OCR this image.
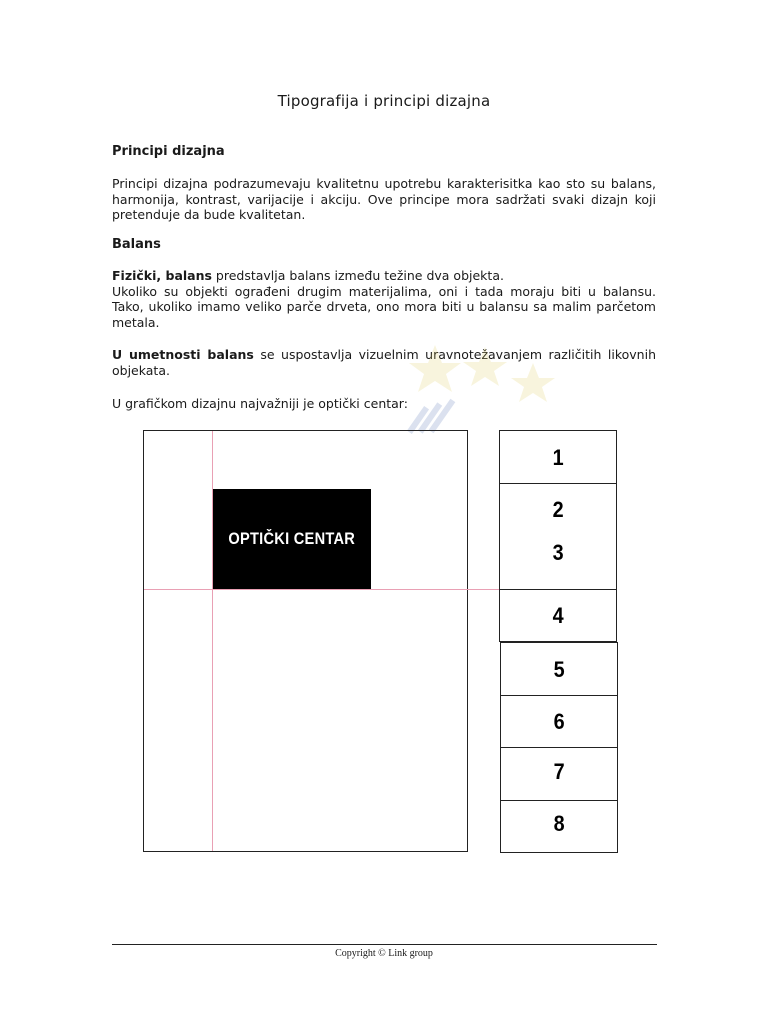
Tipografija i principi dizajna
Principi dizajna
Principi dizajna podrazumevaju kvalitetnu upotrebu karakterisitka kao sto su balans,
harmonija, kontrast, varijacije i akciju. Ove principe mora sadržati svaki dizajn koji
pretenduje da bude kvalitetan.
Balans
Fizički, balans predstavlja balans između težine dva objekta.
Ukoliko su objekti ograđeni drugim materijalima, oni i tada moraju biti u balansu.
Tako, ukoliko imamo veliko parče drveta, ono mora biti u balansu sa malim parčetom
metala.
U umetnosti balans se uspostavlja vizuelnim uravnotežavanjem različitih likovnih
objekata.
U grafičkom dizajnu najvažniji je optički centar:
OPTIČKI CENTAR
1
2
3
4
5
6
7
8
Copyright © Link group
